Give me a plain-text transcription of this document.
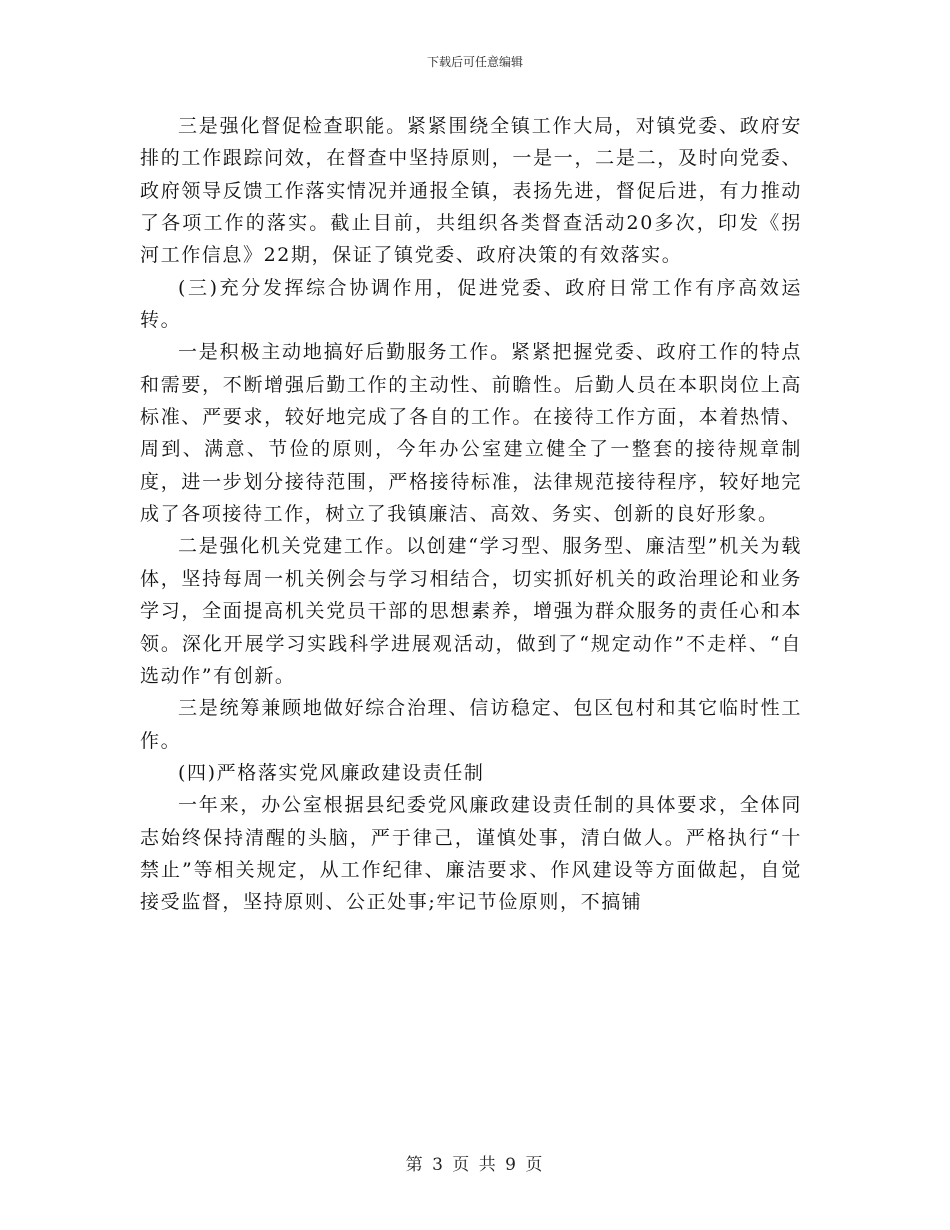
下载后可任意编辑

三是强化督促检查职能。紧紧围绕全镇工作大局，对镇党委、政府安排的工作跟踪问效，在督查中坚持原则，一是一，二是二，及时向党委、政府领导反馈工作落实情况并通报全镇，表扬先进，督促后进，有力推动了各项工作的落实。截止目前，共组织各类督查活动20多次，印发《拐河工作信息》22期，保证了镇党委、政府决策的有效落实。

(三)充分发挥综合协调作用，促进党委、政府日常工作有序高效运转。

一是积极主动地搞好后勤服务工作。紧紧把握党委、政府工作的特点和需要，不断增强后勤工作的主动性、前瞻性。后勤人员在本职岗位上高标准、严要求，较好地完成了各自的工作。在接待工作方面，本着热情、周到、满意、节俭的原则，今年办公室建立健全了一整套的接待规章制度，进一步划分接待范围，严格接待标准，法律规范接待程序，较好地完成了各项接待工作，树立了我镇廉洁、高效、务实、创新的良好形象。

二是强化机关党建工作。以创建“学习型、服务型、廉洁型”机关为载体，坚持每周一机关例会与学习相结合，切实抓好机关的政治理论和业务学习，全面提高机关党员干部的思想素养，增强为群众服务的责任心和本领。深化开展学习实践科学进展观活动，做到了“规定动作”不走样、“自选动作”有创新。

三是统筹兼顾地做好综合治理、信访稳定、包区包村和其它临时性工作。

(四)严格落实党风廉政建设责任制

一年来，办公室根据县纪委党风廉政建设责任制的具体要求，全体同志始终保持清醒的头脑，严于律己，谨慎处事，清白做人。严格执行“十禁止”等相关规定，从工作纪律、廉洁要求、作风建设等方面做起，自觉接受监督，坚持原则、公正处事;牢记节俭原则，不搞铺

第 3 页 共 9 页
